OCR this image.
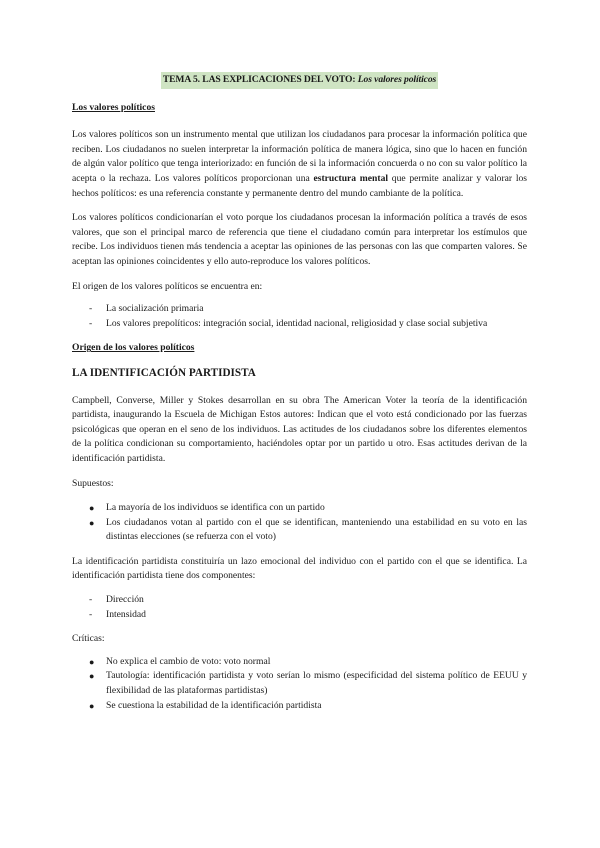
TEMA 5. LAS EXPLICACIONES DEL VOTO: Los valores políticos
Los valores políticos

Los valores políticos son un instrumento mental que utilizan los ciudadanos para procesar la información política que reciben. Los ciudadanos no suelen interpretar la información política de manera lógica, sino que lo hacen en función de algún valor político que tenga interiorizado: en función de si la información concuerda o no con su valor político la acepta o la rechaza. Los valores políticos proporcionan una estructura mental que permite analizar y valorar los hechos políticos: es una referencia constante y permanente dentro del mundo cambiante de la política.

Los valores políticos condicionarían el voto porque los ciudadanos procesan la información política a través de esos valores, que son el principal marco de referencia que tiene el ciudadano común para interpretar los estímulos que recibe. Los individuos tienen más tendencia a aceptar las opiniones de las personas con las que comparten valores. Se aceptan las opiniones coincidentes y ello auto-reproduce los valores políticos.

El origen de los valores políticos se encuentra en:

- La socialización primaria
- Los valores prepolíticos: integración social, identidad nacional, religiosidad y clase social subjetiva
Origen de los valores políticos
LA IDENTIFICACIÓN PARTIDISTA

Campbell, Converse, Miller y Stokes desarrollan en su obra The American Voter la teoría de la identificación partidista, inaugurando la Escuela de Michigan Estos autores: Indican que el voto está condicionado por las fuerzas psicológicas que operan en el seno de los individuos. Las actitudes de los ciudadanos sobre los diferentes elementos de la política condicionan su comportamiento, haciéndoles optar por un partido u otro. Esas actitudes derivan de la identificación partidista.

Supuestos:

● La mayoría de los individuos se identifica con un partido
● Los ciudadanos votan al partido con el que se identifican, manteniendo una estabilidad en su voto en las distintas elecciones (se refuerza con el voto)

La identificación partidista constituiría un lazo emocional del individuo con el partido con el que se identifica. La identificación partidista tiene dos componentes:

- Dirección
- Intensidad

Críticas:

● No explica el cambio de voto: voto normal
● Tautología: identificación partidista y voto serían lo mismo (especificidad del sistema político de EEUU y flexibilidad de las plataformas partidistas)
● Se cuestiona la estabilidad de la identificación partidista
